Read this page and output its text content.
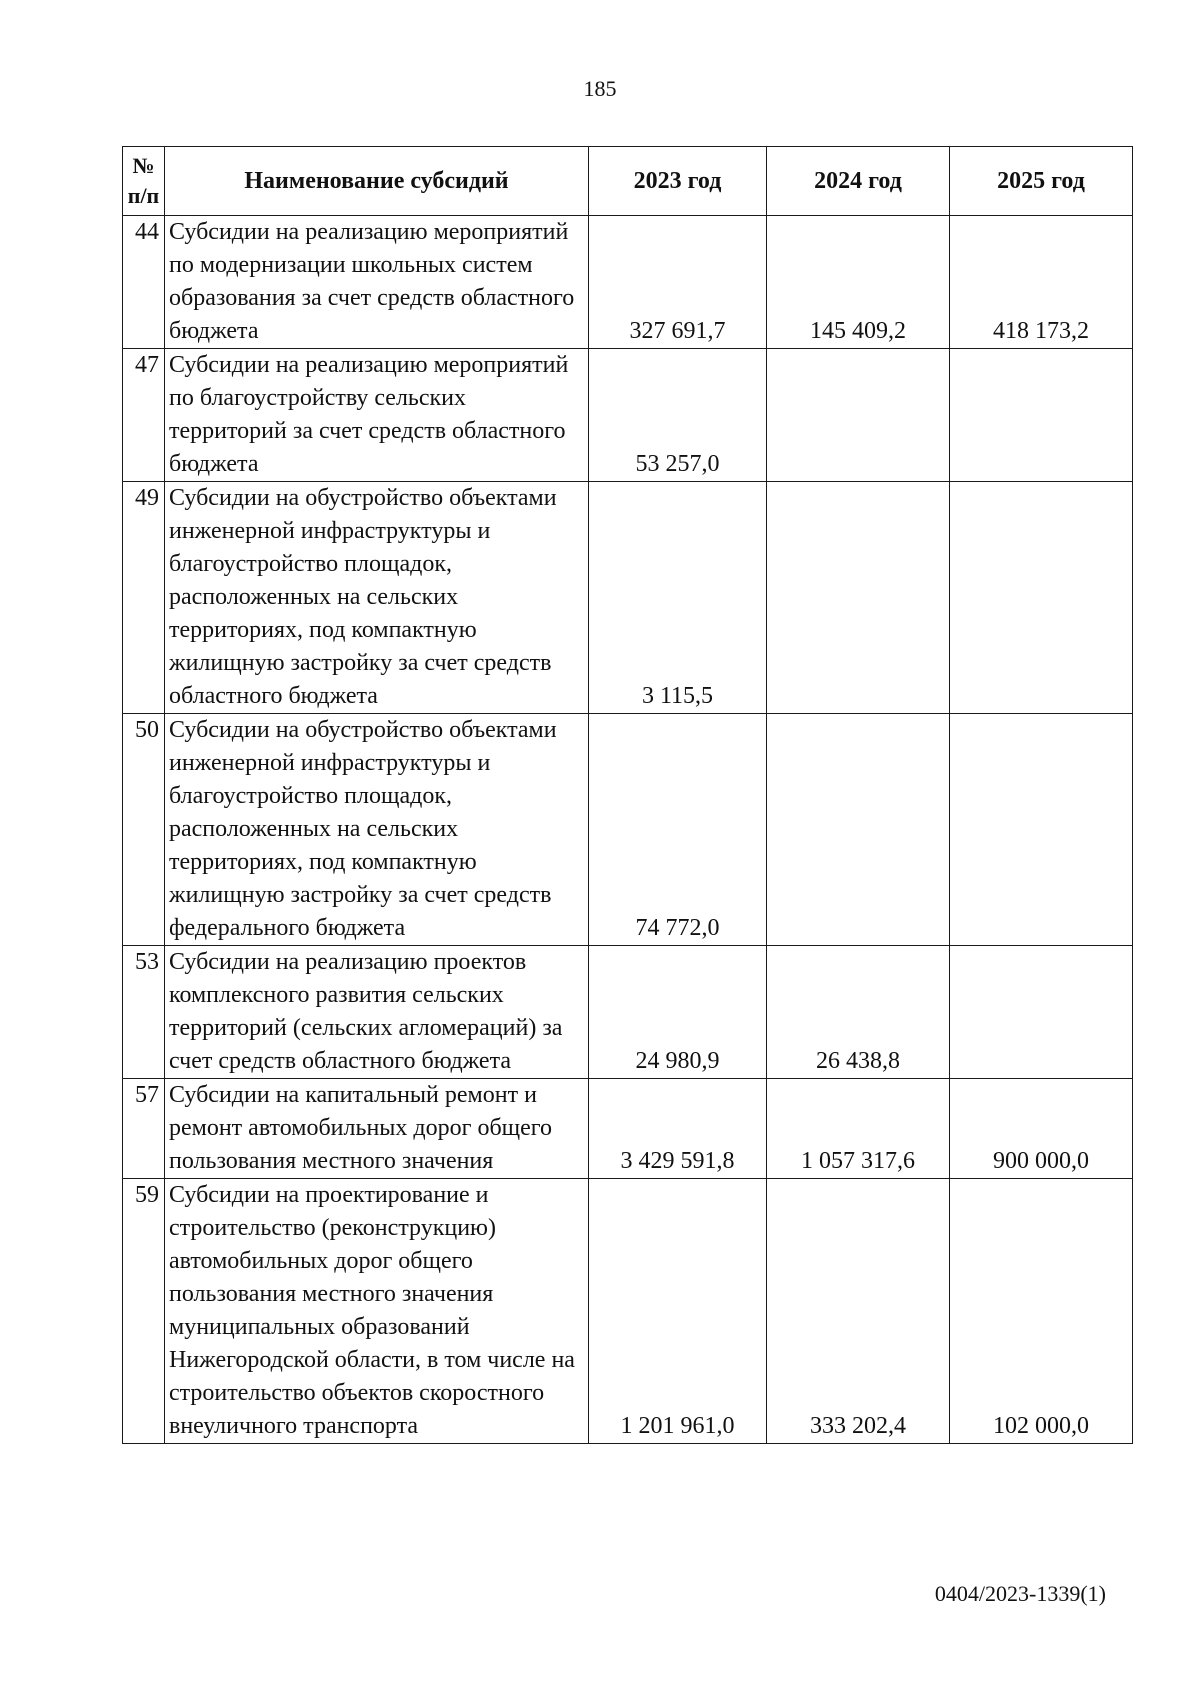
185
№
п/п	Наименование субсидий	2023 год	2024 год	2025 год
44	Субсидии на реализацию мероприятий по модернизации школьных систем образования за счет средств областного бюджета	327 691,7	145 409,2	418 173,2
47	Субсидии на реализацию мероприятий по благоустройству сельских территорий за счет средств областного бюджета	53 257,0		
49	Субсидии на обустройство объектами инженерной инфраструктуры и благоустройство площадок, расположенных на сельских территориях, под компактную жилищную застройку за счет средств областного бюджета	3 115,5		
50	Субсидии на обустройство объектами инженерной инфраструктуры и благоустройство площадок, расположенных на сельских территориях, под компактную жилищную застройку за счет средств федерального бюджета	74 772,0		
53	Субсидии на реализацию проектов комплексного развития сельских территорий (сельских агломераций) за счет средств областного бюджета	24 980,9	26 438,8	
57	Субсидии на капитальный ремонт и ремонт автомобильных дорог общего пользования местного значения	3 429 591,8	1 057 317,6	900 000,0
59	Субсидии на проектирование и строительство (реконструкцию) автомобильных дорог общего пользования местного значения муниципальных образований Нижегородской области, в том числе на строительство объектов скоростного внеуличного транспорта	1 201 961,0	333 202,4	102 000,0
0404/2023-1339(1)
